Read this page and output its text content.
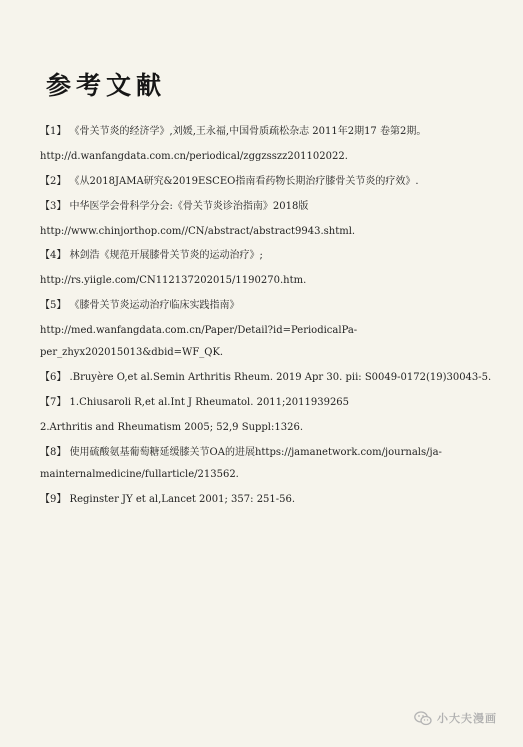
参考文献

【1】 《骨关节炎的经济学》,刘媛,王永福,中国骨质疏松杂志 2011年2期17 卷第2期。

http://d.wanfangdata.com.cn/periodical/zggzsszz201102022.

【2】 《从2018JAMA研究&2019ESCEO指南看药物长期治疗膝骨关节炎的疗效》.

【3】 中华医学会骨科学分会:《骨关节炎诊治指南》2018版

http://www.chinjorthop.com//CN/abstract/abstract9943.shtml.

【4】 林剑浩《规范开展膝骨关节炎的运动治疗》;

http://rs.yiigle.com/CN112137202015/1190270.htm.

【5】 《膝骨关节炎运动治疗临床实践指南》

http://med.wanfangdata.com.cn/Paper/Detail?id=PeriodicalPa-

per_zhyx202015013&dbid=WF_QK.

【6】 .Bruyère O,et al.Semin Arthritis Rheum. 2019 Apr 30. pii: S0049-0172(19)30043-5.

【7】 1.Chiusaroli R,et al.Int J Rheumatol. 2011;2011939265

2.Arthritis and Rheumatism 2005; 52,9 Suppl:1326.

【8】 使用硫酸氨基葡萄糖延缓膝关节OA的进展https://jamanetwork.com/journals/ja-

mainternalmedicine/fullarticle/213562.

【9】 Reginster JY et al,Lancet 2001; 357: 251-56.

小大夫漫画
